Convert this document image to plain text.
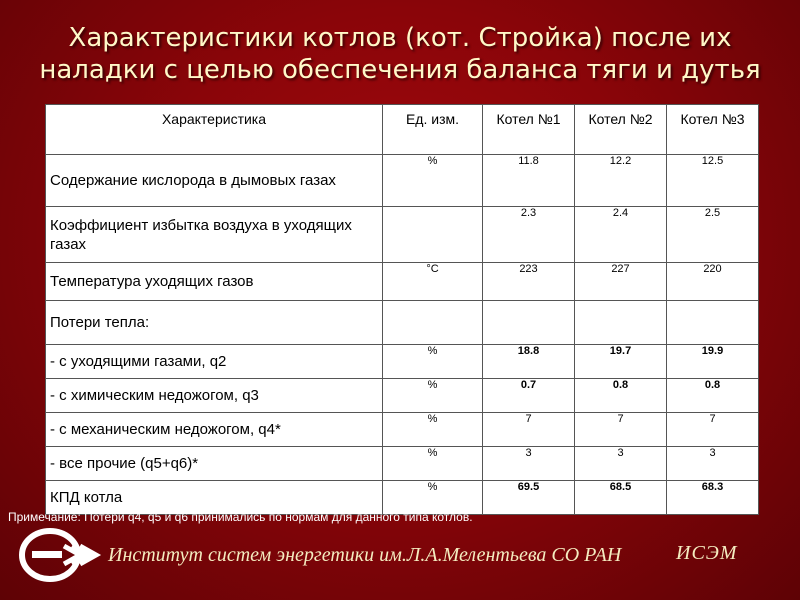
Характеристики котлов (кот. Стройка) после их наладки с целью обеспечения баланса тяги и дутья
Характеристика	Ед. изм.	Котел №1	Котел №2	Котел №3
Содержание кислорода в дымовых газах	%	11.8	12.2	12.5
Коэффициент избытка воздуха в уходящих газах		2.3	2.4	2.5
Температура уходящих газов	°С	223	227	220
Потери тепла:				
- с уходящими газами, q2	%	18.8	19.7	19.9
- с химическим недожогом, q3	%	0.7	0.8	0.8
- с механическим недожогом, q4*	%	7	7	7
- все прочие (q5+q6)*	%	3	3	3
КПД котла	%	69.5	68.5	68.3
Примечание: Потери q4, q5 и q6 принимались по нормам для данного типа котлов.
Институт систем энергетики им.Л.А.Мелентьева СО РАН	ИСЭМ
